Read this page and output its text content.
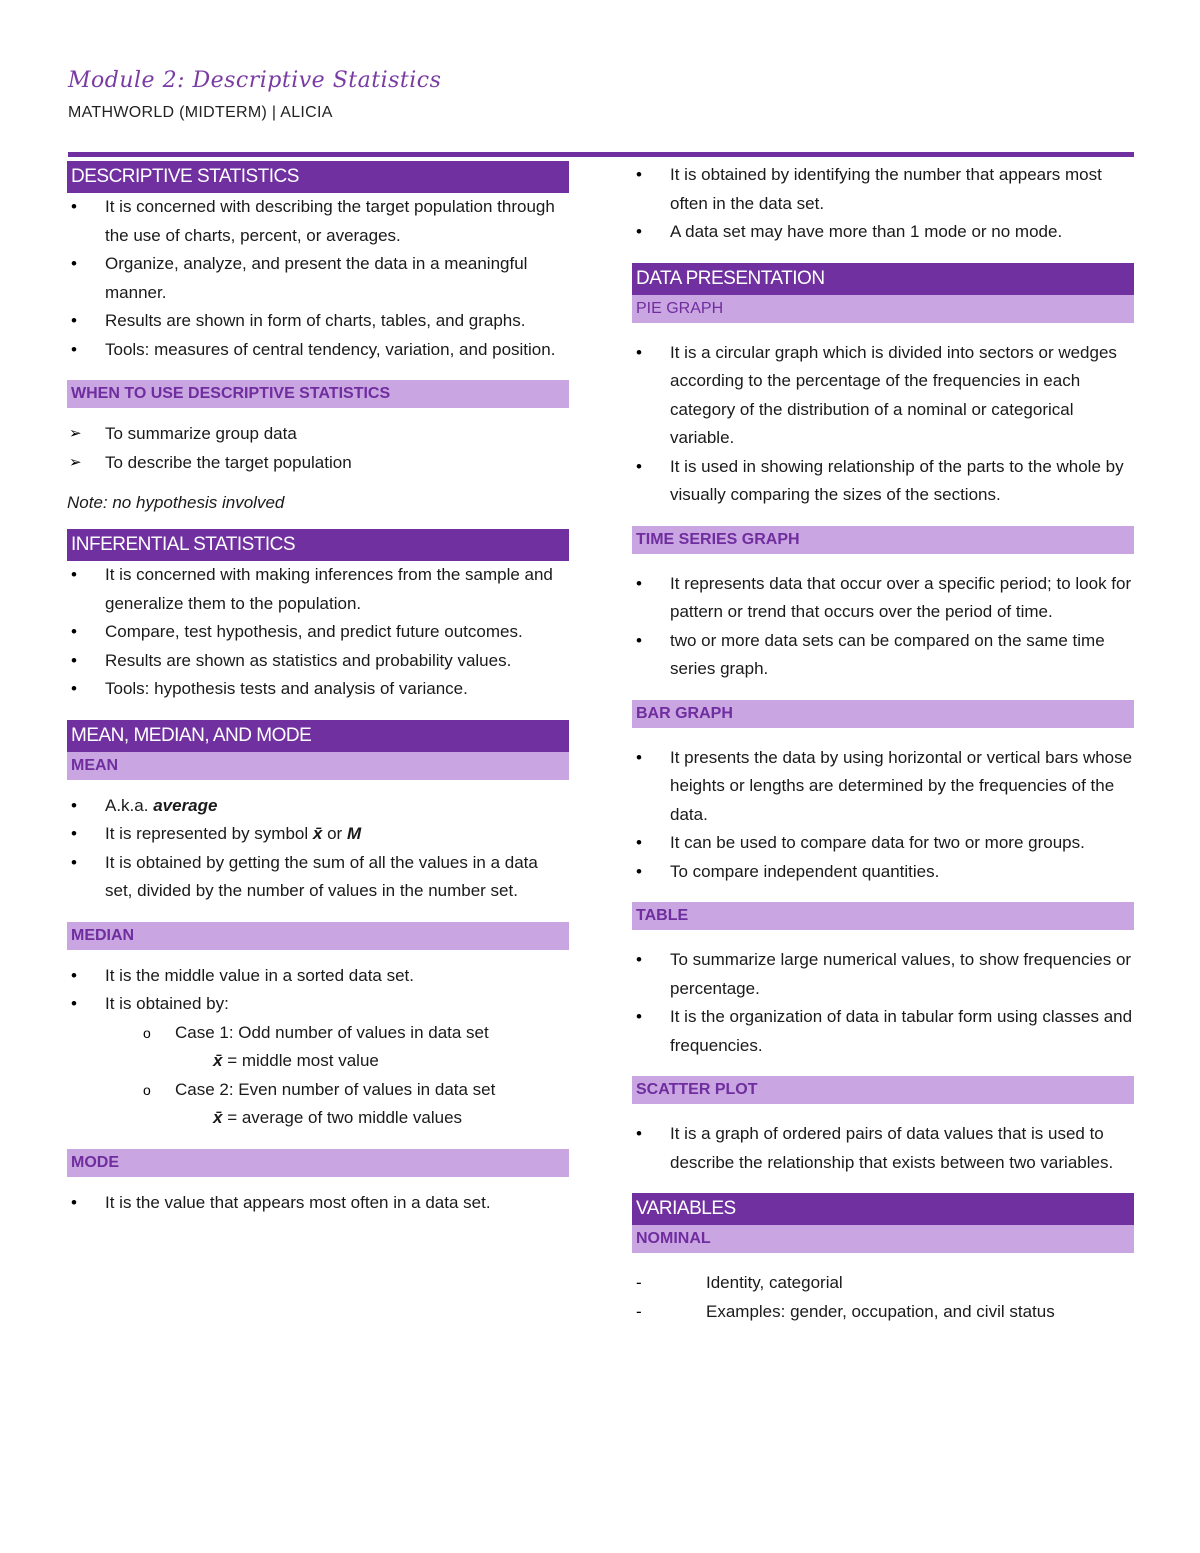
Module 2: Descriptive Statistics
MATHWORLD (MIDTERM) | ALICIA
DESCRIPTIVE STATISTICS
• It is concerned with describing the target population through the use of charts, percent, or averages.
• Organize, analyze, and present the data in a meaningful manner.
• Results are shown in form of charts, tables, and graphs.
• Tools: measures of central tendency, variation, and position.
WHEN TO USE DESCRIPTIVE STATISTICS
➢ To summarize group data
➢ To describe the target population
Note: no hypothesis involved
INFERENTIAL STATISTICS
• It is concerned with making inferences from the sample and generalize them to the population.
• Compare, test hypothesis, and predict future outcomes.
• Results are shown as statistics and probability values.
• Tools: hypothesis tests and analysis of variance.
MEAN, MEDIAN, AND MODE
MEAN
• A.k.a. average
• It is represented by symbol x̄ or M
• It is obtained by getting the sum of all the values in a data set, divided by the number of values in the number set.
MEDIAN
• It is the middle value in a sorted data set.
• It is obtained by:
o Case 1: Odd number of values in data set
x̄ = middle most value
o Case 2: Even number of values in data set
x̄ = average of two middle values
MODE
• It is the value that appears most often in a data set.
• It is obtained by identifying the number that appears most often in the data set.
• A data set may have more than 1 mode or no mode.
DATA PRESENTATION
PIE GRAPH
• It is a circular graph which is divided into sectors or wedges according to the percentage of the frequencies in each category of the distribution of a nominal or categorical variable.
• It is used in showing relationship of the parts to the whole by visually comparing the sizes of the sections.
TIME SERIES GRAPH
• It represents data that occur over a specific period; to look for pattern or trend that occurs over the period of time.
• two or more data sets can be compared on the same time series graph.
BAR GRAPH
• It presents the data by using horizontal or vertical bars whose heights or lengths are determined by the frequencies of the data.
• It can be used to compare data for two or more groups.
• To compare independent quantities.
TABLE
• To summarize large numerical values, to show frequencies or percentage.
• It is the organization of data in tabular form using classes and frequencies.
SCATTER PLOT
• It is a graph of ordered pairs of data values that is used to describe the relationship that exists between two variables.
VARIABLES
NOMINAL
- Identity, categorial
- Examples: gender, occupation, and civil status
